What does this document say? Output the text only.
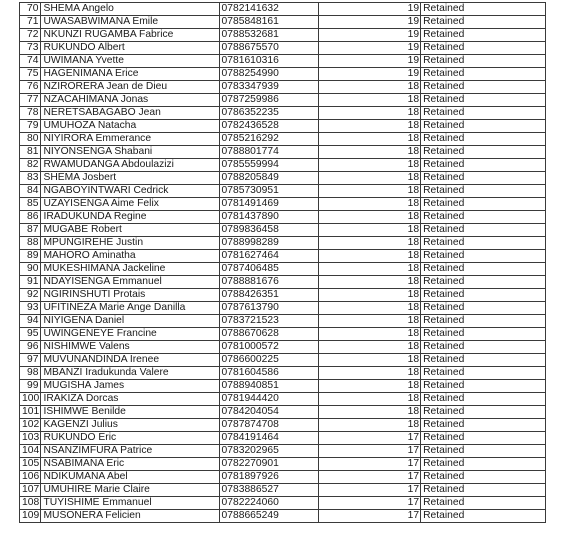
70	SHEMA Angelo	0782141632	19	Retained
71	UWASABWIMANA Emile	0785848161	19	Retained
72	NKUNZI RUGAMBA Fabrice	0788532681	19	Retained
73	RUKUNDO Albert	0788675570	19	Retained
74	UWIMANA Yvette	0781610316	19	Retained
75	HAGENIMANA Erice	0788254990	19	Retained
76	NZIRORERA Jean de Dieu	0783347939	18	Retained
77	NZACAHIMANA Jonas	0787259986	18	Retained
78	NERETSABAGABO Jean	0786352235	18	Retained
79	UMUHOZA Natacha	0782436528	18	Retained
80	NIYIRORA Emmerance	0785216292	18	Retained
81	NIYONSENGA Shabani	0788801774	18	Retained
82	RWAMUDANGA Abdoulazizi	0785559994	18	Retained
83	SHEMA Josbert	0788205849	18	Retained
84	NGABOYINTWARI Cedrick	0785730951	18	Retained
85	UZAYISENGA Aime Felix	0781491469	18	Retained
86	IRADUKUNDA Regine	0781437890	18	Retained
87	MUGABE Robert	0789836458	18	Retained
88	MPUNGIREHE Justin	0788998289	18	Retained
89	MAHORO Aminatha	0781627464	18	Retained
90	MUKESHIMANA Jackeline	0787406485	18	Retained
91	NDAYISENGA Emmanuel	0788881676	18	Retained
92	NGIRINSHUTI Protais	0788426351	18	Retained
93	UFITINEZA Marie Ange Danilla	0787613790	18	Retained
94	NIYIGENA Daniel	0783721523	18	Retained
95	UWINGENEYE Francine	0788670628	18	Retained
96	NISHIMWE Valens	0781000572	18	Retained
97	MUVUNANDINDA Irenee	0786600225	18	Retained
98	MBANZI Iradukunda Valere	0781604586	18	Retained
99	MUGISHA James	0788940851	18	Retained
100	IRAKIZA Dorcas	0781944420	18	Retained
101	ISHIMWE Benilde	0784204054	18	Retained
102	KAGENZI Julius	0787874708	18	Retained
103	RUKUNDO Eric	0784191464	17	Retained
104	NSANZIMFURA Patrice	0783202965	17	Retained
105	NSABIMANA Eric	0782270901	17	Retained
106	NDIKUMANA Abel	0781897926	17	Retained
107	UMUHIRE Marie Claire	0783886527	17	Retained
108	TUYISHIME Emmanuel	0782224060	17	Retained
109	MUSONERA Felicien	0788665249	17	Retained
